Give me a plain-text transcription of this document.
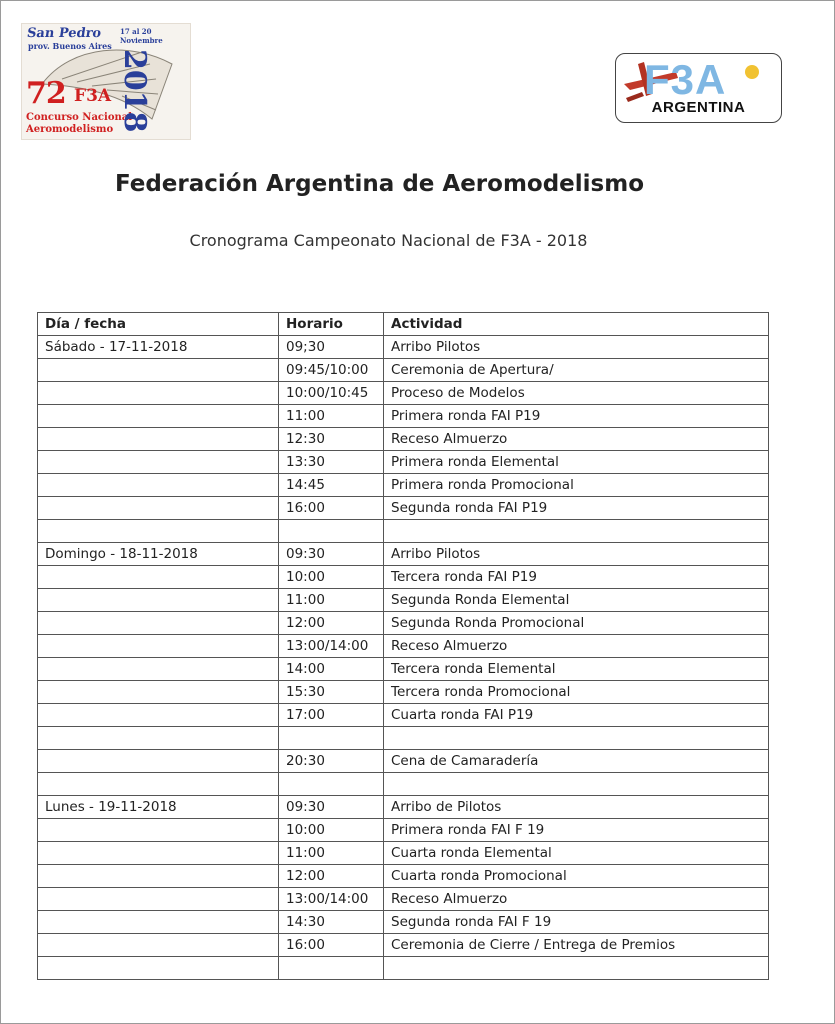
San Pedro
prov. Buenos Aires
17 al 20 Noviembre
72 F3A
Concurso Nacional Aeromodelismo 2018	F3A
ARGENTINA
Federación Argentina de Aeromodelismo
Cronograma Campeonato Nacional de F3A - 2018
Día / fecha	Horario	Actividad
Sábado - 17-11-2018	09;30	Arribo Pilotos
	09:45/10:00	Ceremonia de Apertura/
	10:00/10:45	Proceso de Modelos
	11:00	Primera ronda FAI P19
	12:30	Receso Almuerzo
	13:30	Primera ronda Elemental
	14:45	Primera ronda Promocional
	16:00	Segunda ronda FAI P19

Domingo - 18-11-2018	09:30	Arribo Pilotos
	10:00	Tercera ronda FAI P19
	11:00	Segunda Ronda Elemental
	12:00	Segunda Ronda Promocional
	13:00/14:00	Receso Almuerzo
	14:00	Tercera ronda Elemental
	15:30	Tercera ronda Promocional
	17:00	Cuarta ronda FAI P19

	20:30	Cena de Camaradería

Lunes - 19-11-2018	09:30	Arribo de Pilotos
	10:00	Primera ronda FAI F 19
	11:00	Cuarta ronda Elemental
	12:00	Cuarta ronda Promocional
	13:00/14:00	Receso Almuerzo
	14:30	Segunda ronda FAI F 19
	16:00	Ceremonia de Cierre / Entrega de Premios
